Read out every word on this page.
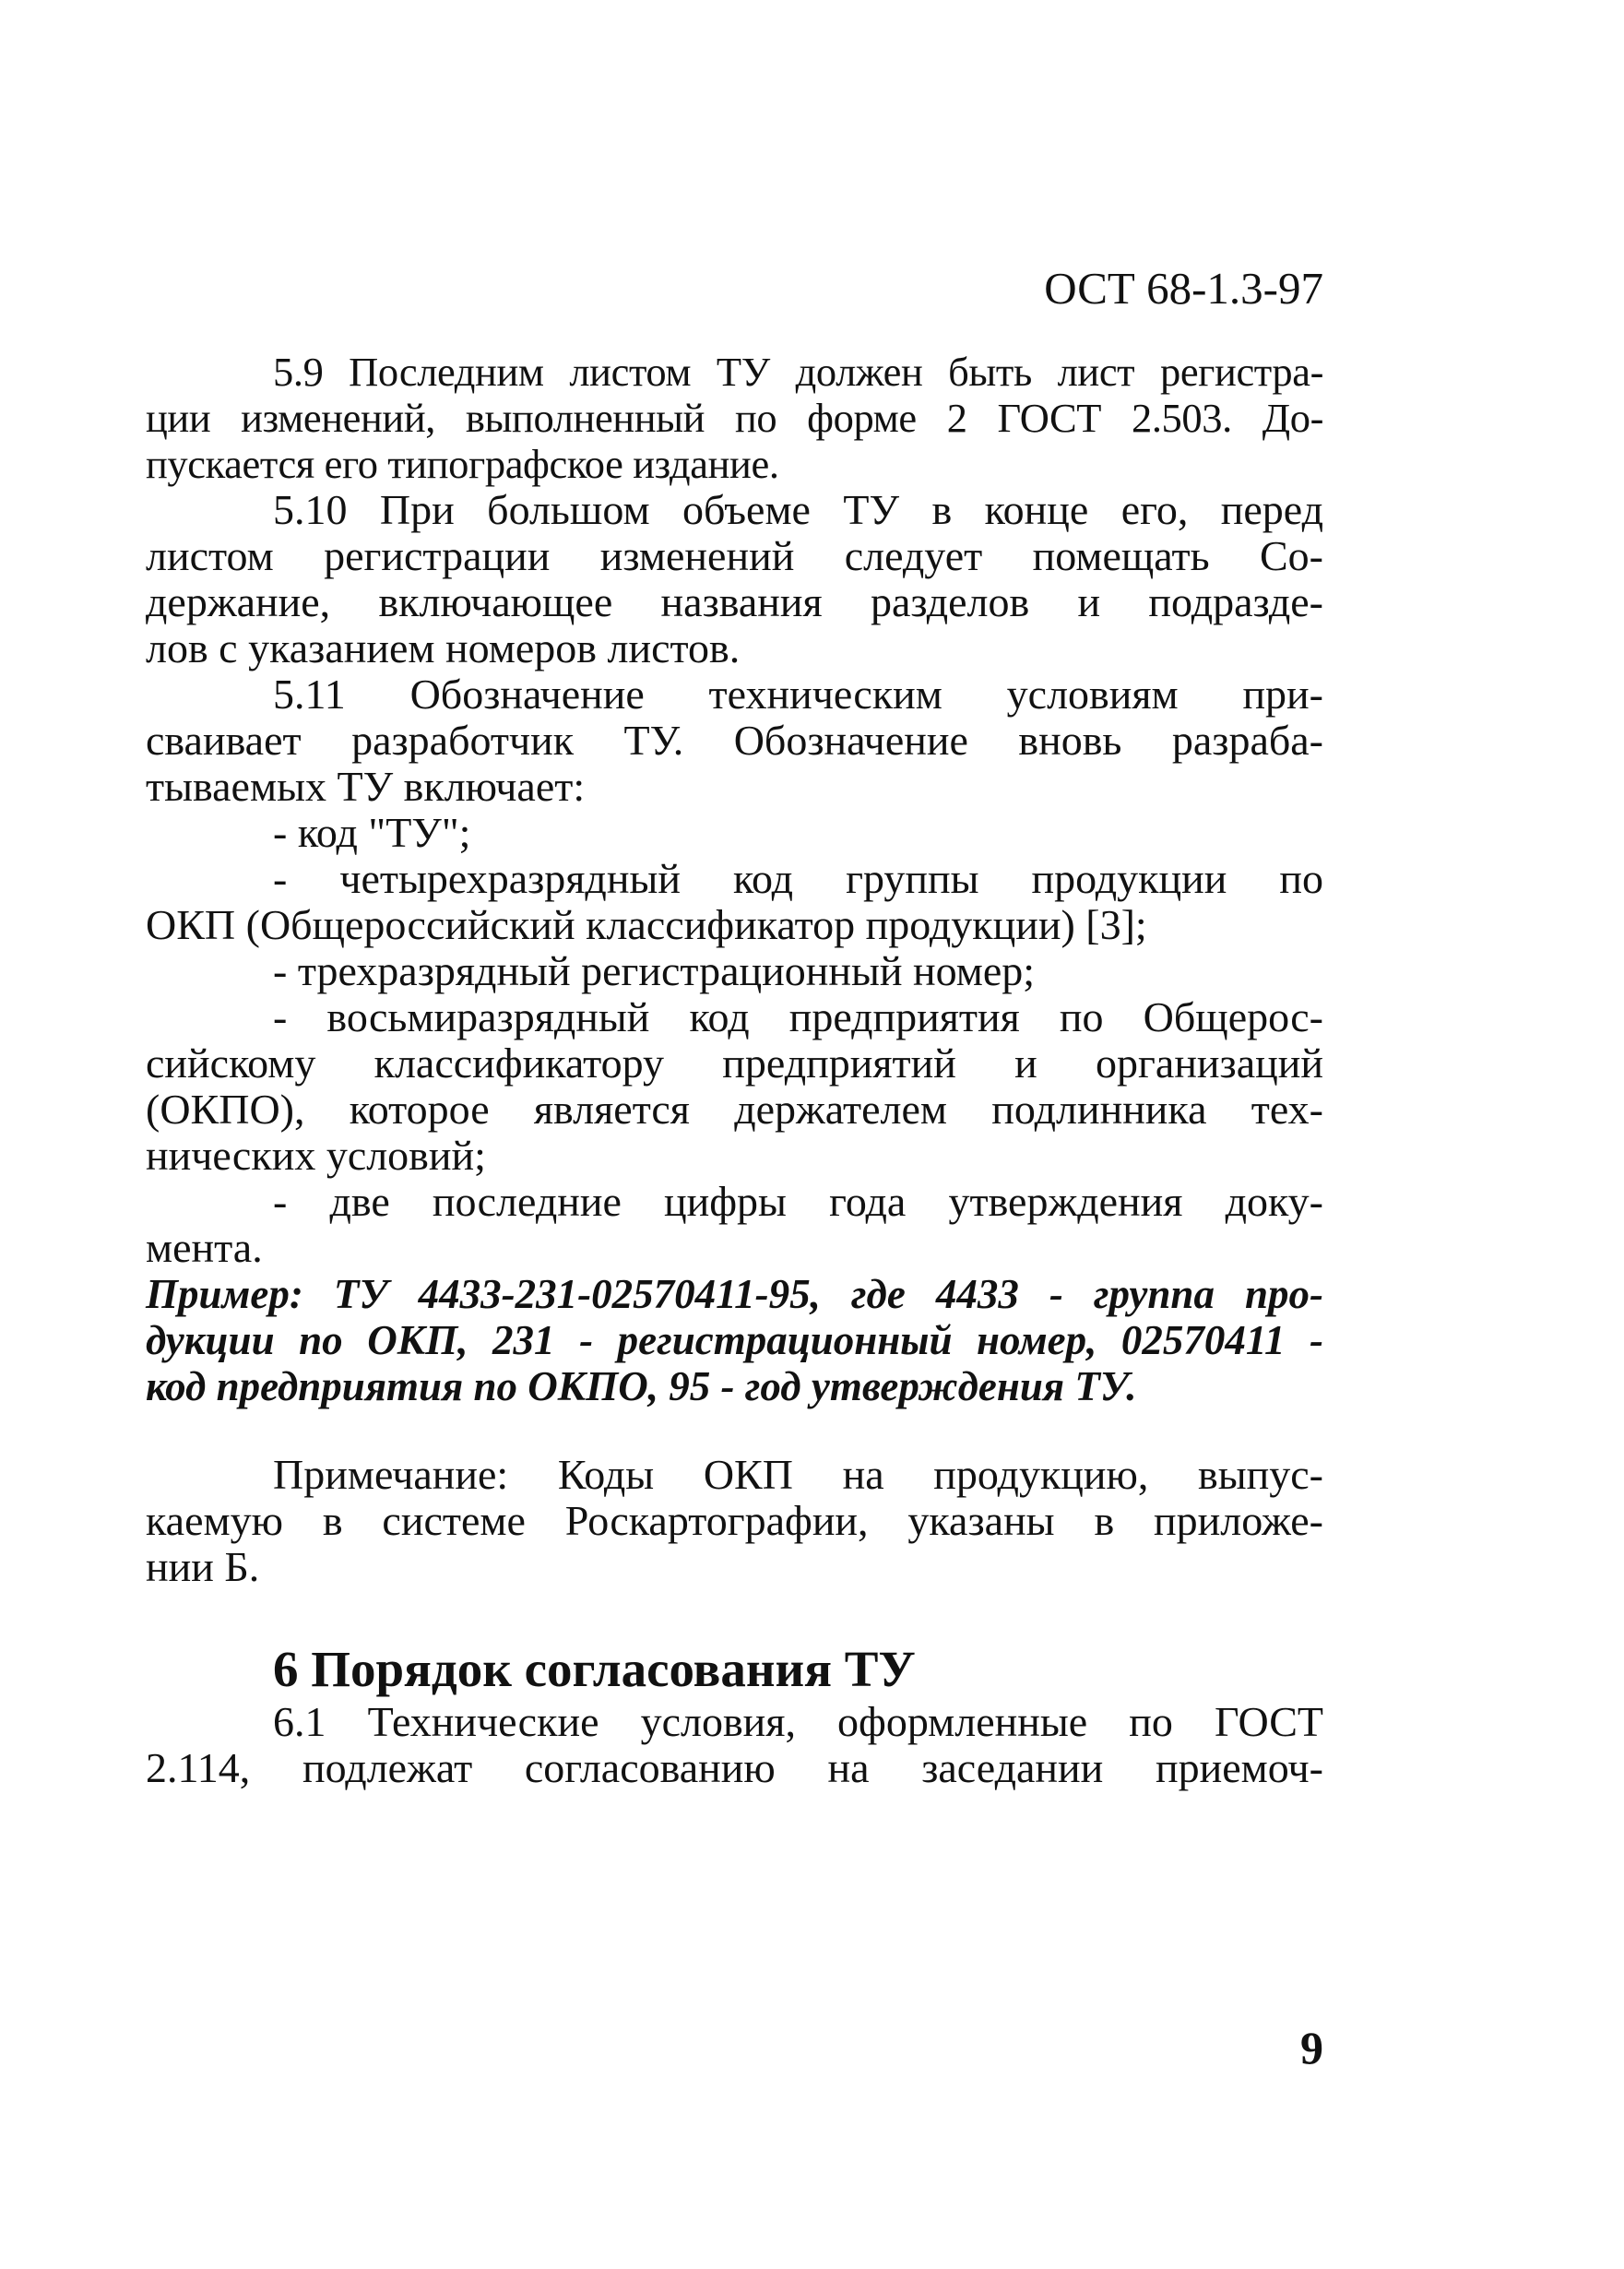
ОСТ 68-1.3-97
5.9 Последним листом ТУ должен быть лист регистра-
ции изменений, выполненный по форме 2 ГОСТ 2.503. До-
пускается его типографское издание.
5.10 При большом объеме ТУ в конце его, перед
листом регистрации изменений следует помещать Со-
держание, включающее названия разделов и подразде-
лов с указанием номеров листов.
5.11 Обозначение техническим условиям при-
сваивает разработчик ТУ. Обозначение вновь разраба-
тываемых ТУ включает:
- код "ТУ";
- четырехразрядный код группы продукции по
ОКП (Общероссийский классификатор продукции) [3];
- трехразрядный регистрационный номер;
- восьмиразрядный код предприятия по Общерос-
сийскому классификатору предприятий и организаций
(ОКПО), которое является держателем подлинника тех-
нических условий;
- две последние цифры года утверждения доку-
мента.
Пример: ТУ 4433-231-02570411-95, где 4433 - группа про-
дукции по ОКП, 231 - регистрационный номер, 02570411 -
код предприятия по ОКПО, 95 - год утверждения ТУ.
Примечание: Коды ОКП на продукцию, выпус-
каемую в системе Роскартографии, указаны в приложе-
нии Б.
6 Порядок согласования ТУ
6.1 Технические условия, оформленные по ГОСТ
2.114, подлежат согласованию на заседании приемоч-
9
